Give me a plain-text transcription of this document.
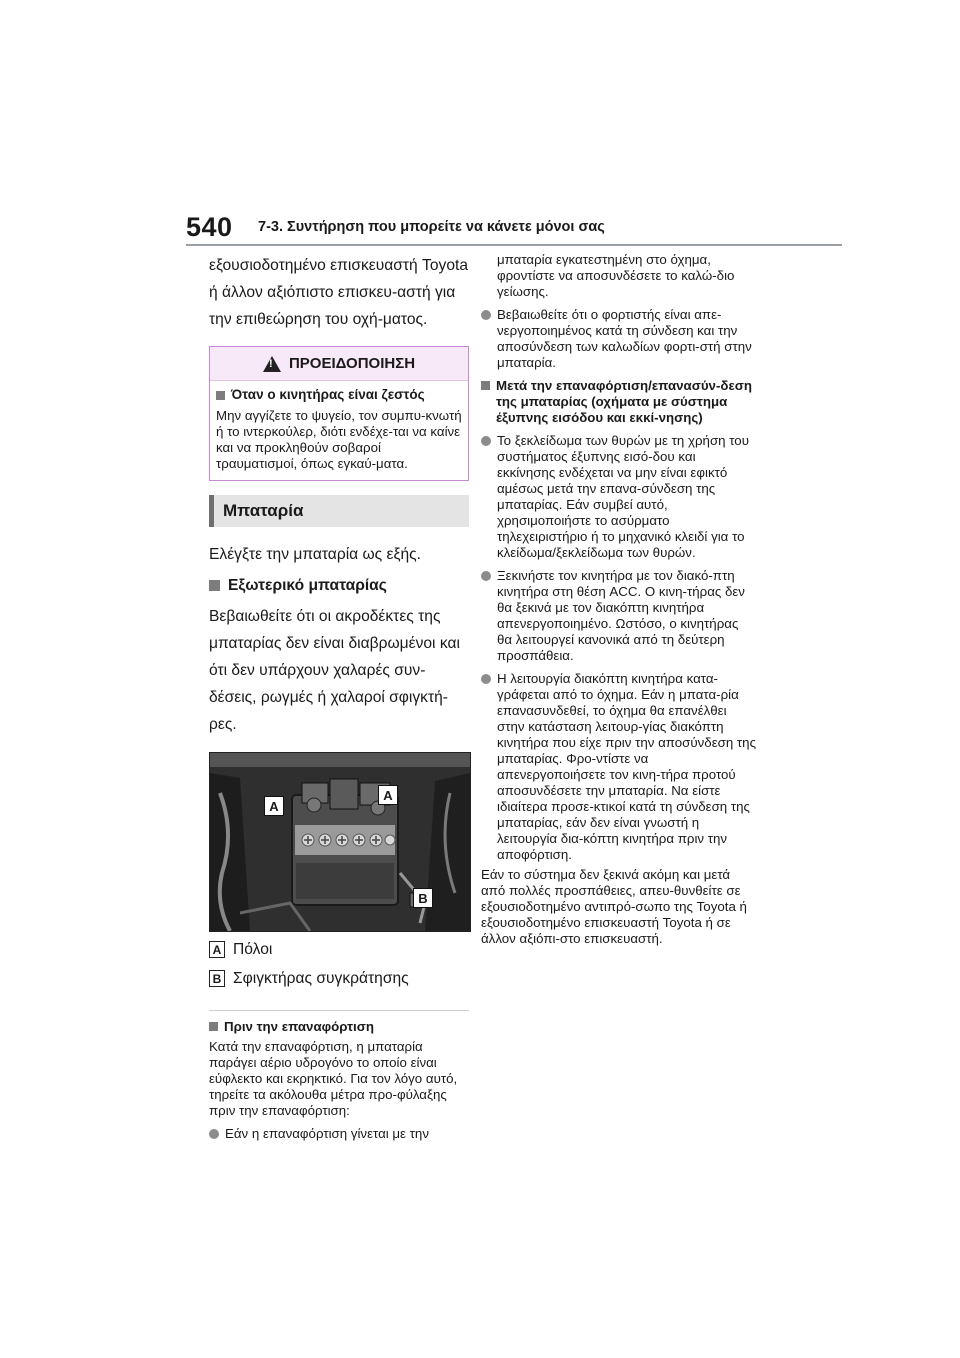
540 7-3. Συντήρηση που μπορείτε να κάνετε μόνοι σας

εξουσιοδοτημένο επισκευαστή Toyota ή άλλον αξιόπιστο επισκευ-αστή για την επιθεώρηση του οχή-ματος.

!
ΠΡΟΕΙΔΟΠΟΙΗΣΗ
Όταν ο κινητήρας είναι ζεστός

Μην αγγίζετε το ψυγείο, τον συμπυ-κνωτή ή το ιντερκούλερ, διότι ενδέχε-ται να καίνε και να προκληθούν σοβαροί τραυματισμοί, όπως εγκαύ-ματα.

Μπαταρία

Ελέγξτε την μπαταρία ως εξής.

Εξωτερικό μπαταρίας

Βεβαιωθείτε ότι οι ακροδέκτες της μπαταρίας δεν είναι διαβρωμένοι και ότι δεν υπάρχουν χαλαρές συν-δέσεις, ρωγμές ή χαλαροί σφιγκτή-ρες.

A
A
B
A Πόλοι
B Σφιγκτήρας συγκράτησης
Πριν την επαναφόρτιση

Κατά την επαναφόρτιση, η μπαταρία παράγει αέριο υδρογόνο το οποίο είναι εύφλεκτο και εκρηκτικό. Για τον λόγο αυτό, τηρείτε τα ακόλουθα μέτρα προ-φύλαξης πριν την επαναφόρτιση:

Εάν η επαναφόρτιση γίνεται με την

μπαταρία εγκατεστημένη στο όχημα, φροντίστε να αποσυνδέσετε το καλώ-διο γείωσης.

Βεβαιωθείτε ότι ο φορτιστής είναι απε-νεργοποιημένος κατά τη σύνδεση και την αποσύνδεση των καλωδίων φορτι-στή στην μπαταρία.

Μετά την επαναφόρτιση/επανασύν-δεση της μπαταρίας (οχήματα με σύστημα έξυπνης εισόδου και εκκί-νησης)

Το ξεκλείδωμα των θυρών με τη χρήση του συστήματος έξυπνης εισό-δου και εκκίνησης ενδέχεται να μην είναι εφικτό αμέσως μετά την επανα-σύνδεση της μπαταρίας. Εάν συμβεί αυτό, χρησιμοποιήστε το ασύρματο τηλεχειριστήριο ή το μηχανικό κλειδί για το κλείδωμα/ξεκλείδωμα των θυρών.

Ξεκινήστε τον κινητήρα με τον διακό-πτη κινητήρα στη θέση ACC. Ο κινη-τήρας δεν θα ξεκινά με τον διακόπτη κινητήρα απενεργοποιημένο. Ωστόσο, ο κινητήρας θα λειτουργεί κανονικά από τη δεύτερη προσπάθεια.

Η λειτουργία διακόπτη κινητήρα κατα-γράφεται από το όχημα. Εάν η μπατα-ρία επανασυνδεθεί, το όχημα θα επανέλθει στην κατάσταση λειτουρ-γίας διακόπτη κινητήρα που είχε πριν την αποσύνδεση της μπαταρίας. Φρο-ντίστε να απενεργοποιήσετε τον κινη-τήρα προτού αποσυνδέσετε την μπαταρία. Να είστε ιδιαίτερα προσε-κτικοί κατά τη σύνδεση της μπαταρίας, εάν δεν είναι γνωστή η λειτουργία δια-κόπτη κινητήρα πριν την αποφόρτιση.

Εάν το σύστημα δεν ξεκινά ακόμη και μετά από πολλές προσπάθειες, απευ-θυνθείτε σε εξουσιοδοτημένο αντιπρό-σωπο της Toyota ή εξουσιοδοτημένο επισκευαστή Toyota ή σε άλλον αξιόπι-στο επισκευαστή.
